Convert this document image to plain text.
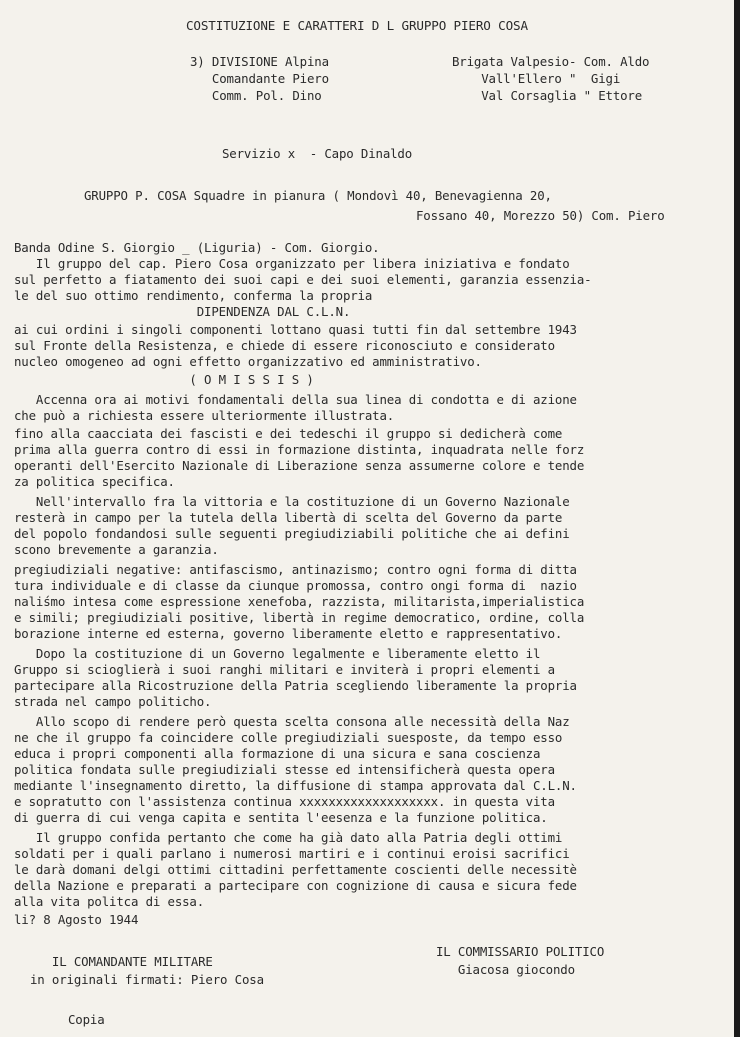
COSTITUZIONE E CARATTERI D L GRUPPO PIERO COSA
3) DIVISIONE Alpina
Comandante Piero
Comm. Pol. Dino
Brigata Valpesio- Com. Aldo
Vall'Ellero "  Gigi
Val Corsaglia " Ettore
Servizio x  - Capo Dinaldo
GRUPPO P. COSA Squadre in pianura ( Mondovì 40, Benevagienna 20,
Fossano 40, Morezzo 50) Com. Piero
Banda Odine S. Giorgio _ (Liguria) - Com. Giorgio.
Il gruppo del cap. Piero Cosa organizzato per libera iniziativa e fondato
sul perfetto a fiatamento dei suoi capi e dei suoi elementi, garanzia essenzia-
le del suo ottimo rendimento, conferma la propria
DIPENDENZA DAL C.L.N.
ai cui ordini i singoli componenti lottano quasi tutti fin dal settembre 1943
sul Fronte della Resistenza, e chiede di essere riconosciuto e considerato
nucleo omogeneo ad ogni effetto organizzativo ed amministrativo.
( O M I S S I S )
Accenna ora ai motivi fondamentali della sua linea di condotta e di azione
che può a richiesta essere ulteriormente illustrata.
fino alla caacciata dei fascisti e dei tedeschi il gruppo si dedicherà come
prima alla guerra contro di essi in formazione distinta, inquadrata nelle forz
operanti dell'Esercito Nazionale di Liberazione senza assumerne colore e tende
za politica specifica.
Nell'intervallo fra la vittoria e la costituzione di un Governo Nazionale
resterà in campo per la tutela della libertà di scelta del Governo da parte
del popolo fondandosi sulle seguenti pregiudiziabili politiche che ai defini
scono brevemente a garanzia.
pregiudiziali negative: antifascismo, antinazismo; contro ogni forma di ditta
tura individuale e di classe da ciunque promossa, contro ongi forma di  nazio
naliśmo intesa come espressione xenefoba, razzista, militarista,imperialistica
e simili; pregiudiziali positive, libertà in regime democratico, ordine, colla
borazione interne ed esterna, governo liberamente eletto e rappresentativo.
Dopo la costituzione di un Governo legalmente e liberamente eletto il
Gruppo si scioglierà i suoi ranghi militari e inviterà i propri elementi a
partecipare alla Ricostruzione della Patria scegliendo liberamente la propria
strada nel campo politicho.
Allo scopo di rendere però questa scelta consona alle necessità della Naz
ne che il gruppo fa coincidere colle pregiudiziali suesposte, da tempo esso
educa i propri componenti alla formazione di una sicura e sana coscienza
politica fondata sulle pregiudiziali stesse ed intensificherà questa opera
mediante l'insegnamento diretto, la diffusione di stampa approvata dal C.L.N.
e sopratutto con l'assistenza continua xxxxxxxxxxxxxxxxxxx. in questa vita
di guerra di cui venga capita e sentita l'eesenza e la funzione politica.
Il gruppo confida pertanto che come ha già dato alla Patria degli ottimi
soldati per i quali parlano i numerosi martiri e i continui eroisi sacrifici
le darà domani delgi ottimi cittadini perfettamente coscienti delle necessitè
della Nazione e preparati a partecipare con cognizione di causa e sicura fede
alla vita politca di essa.
li? 8 Agosto 1944
IL COMANDANTE MILITARE
in originali firmati: Piero Cosa
IL COMMISSARIO POLITICO
Giacosa giocondo
Copia
